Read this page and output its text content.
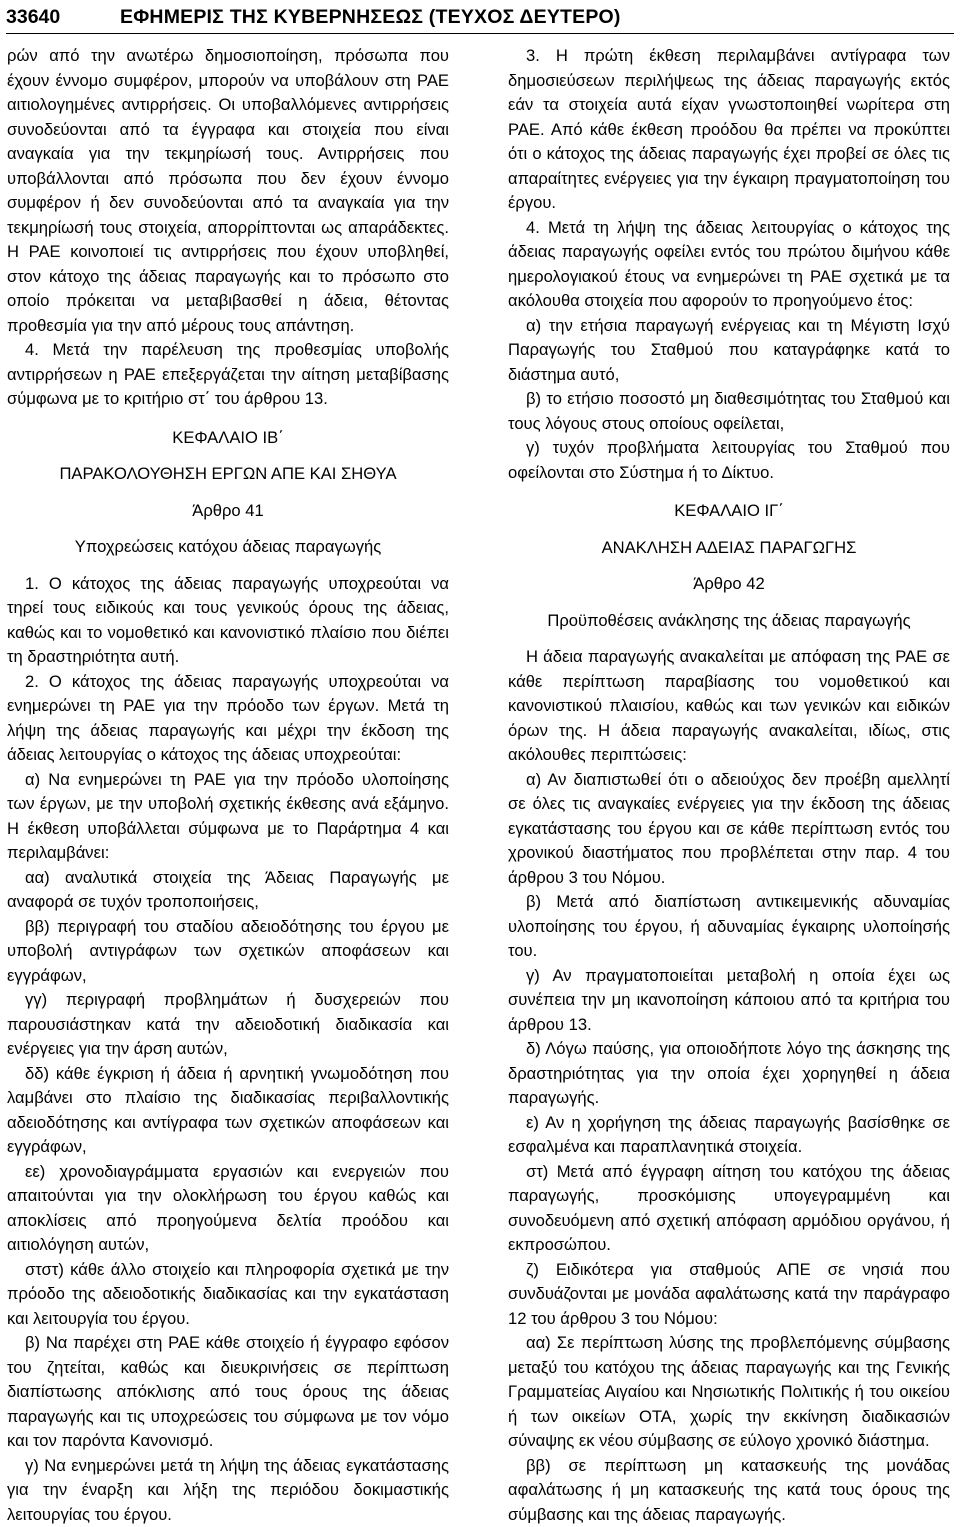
33640	ΕΦΗΜΕΡΙΣ ΤΗΣ ΚΥΒΕΡΝΗΣΕΩΣ (ΤΕΥΧΟΣ ΔΕΥΤΕΡΟ)

ρών από την ανωτέρω δημοσιοποίηση, πρόσωπα που έχουν έννομο συμφέρον, μπορούν να υποβάλουν στη ΡΑΕ αιτιολογημένες αντιρρήσεις. Οι υποβαλλόμενες αντιρρήσεις συνοδεύονται από τα έγγραφα και στοιχεία που είναι αναγκαία για την τεκμηρίωσή τους. Αντιρρήσεις που υποβάλλονται από πρόσωπα που δεν έχουν έννομο συμφέρον ή δεν συνοδεύονται από τα αναγκαία για την τεκμηρίωσή τους στοιχεία, απορρίπτονται ως απαράδεκτες. Η ΡΑΕ κοινοποιεί τις αντιρρήσεις που έχουν υποβληθεί, στον κάτοχο της άδειας παραγωγής και το πρόσωπο στο οποίο πρόκειται να μεταβιβασθεί η άδεια, θέτοντας προθεσμία για την από μέρους τους απάντηση.

4. Μετά την παρέλευση της προθεσμίας υποβολής αντιρρήσεων η ΡΑΕ επεξεργάζεται την αίτηση μεταβίβασης σύμφωνα με το κριτήριο στ΄ του άρθρου 13.

ΚΕΦΑΛΑΙΟ ΙΒ΄

ΠΑΡΑΚΟΛΟΥΘΗΣΗ ΕΡΓΩΝ ΑΠΕ ΚΑΙ ΣΗΘΥΑ

Άρθρο 41

Υποχρεώσεις κατόχου άδειας παραγωγής

1. Ο κάτοχος της άδειας παραγωγής υποχρεούται να τηρεί τους ειδικούς και τους γενικούς όρους της άδειας, καθώς και το νομοθετικό και κανονιστικό πλαίσιο που διέπει τη δραστηριότητα αυτή.

2. Ο κάτοχος της άδειας παραγωγής υποχρεούται να ενημερώνει τη ΡΑΕ για την πρόοδο των έργων. Μετά τη λήψη της άδειας παραγωγής και μέχρι την έκδοση της άδειας λειτουργίας ο κάτοχος της άδειας υποχρεούται:

α) Να ενημερώνει τη ΡΑΕ για την πρόοδο υλοποίησης των έργων, με την υποβολή σχετικής έκθεσης ανά εξάμηνο. Η έκθεση υποβάλλεται σύμφωνα με το Παράρτημα 4 και περιλαμβάνει:

αα) αναλυτικά στοιχεία της Άδειας Παραγωγής με αναφορά σε τυχόν τροποποιήσεις,

ββ) περιγραφή του σταδίου αδειοδότησης του έργου με υποβολή αντιγράφων των σχετικών αποφάσεων και εγγράφων,

γγ) περιγραφή προβλημάτων ή δυσχερειών που παρουσιάστηκαν κατά την αδειοδοτική διαδικασία και ενέργειες για την άρση αυτών,

δδ) κάθε έγκριση ή άδεια ή αρνητική γνωμοδότηση που λαμβάνει στο πλαίσιο της διαδικασίας περιβαλλοντικής αδειοδότησης και αντίγραφα των σχετικών αποφάσεων και εγγράφων,

εε) χρονοδιαγράμματα εργασιών και ενεργειών που απαιτούνται για την ολοκλήρωση του έργου καθώς και αποκλίσεις από προηγούμενα δελτία προόδου και αιτιολόγηση αυτών,

στστ) κάθε άλλο στοιχείο και πληροφορία σχετικά με την πρόοδο της αδειοδοτικής διαδικασίας και την εγκατάσταση και λειτουργία του έργου.

β) Να παρέχει στη ΡΑΕ κάθε στοιχείο ή έγγραφο εφόσον του ζητείται, καθώς και διευκρινήσεις σε περίπτωση διαπίστωσης απόκλισης από τους όρους της άδειας παραγωγής και τις υποχρεώσεις του σύμφωνα με τον νόμο και τον παρόντα Κανονισμό.

γ) Να ενημερώνει μετά τη λήψη της άδειας εγκατάστασης για την έναρξη και λήξη της περιόδου δοκιμαστικής λειτουργίας του έργου.

3. Η πρώτη έκθεση περιλαμβάνει αντίγραφα των δημοσιεύσεων περιλήψεως της άδειας παραγωγής εκτός εάν τα στοιχεία αυτά είχαν γνωστοποιηθεί νωρίτερα στη ΡΑΕ. Από κάθε έκθεση προόδου θα πρέπει να προκύπτει ότι ο κάτοχος της άδειας παραγωγής έχει προβεί σε όλες τις απαραίτητες ενέργειες για την έγκαιρη πραγματοποίηση του έργου.

4. Μετά τη λήψη της άδειας λειτουργίας ο κάτοχος της άδειας παραγωγής οφείλει εντός του πρώτου διμήνου κάθε ημερολογιακού έτους να ενημερώνει τη ΡΑΕ σχετικά με τα ακόλουθα στοιχεία που αφορούν το προηγούμενο έτος:

α) την ετήσια παραγωγή ενέργειας και τη Μέγιστη Ισχύ Παραγωγής του Σταθμού που καταγράφηκε κατά το διάστημα αυτό,

β) το ετήσιο ποσοστό μη διαθεσιμότητας του Σταθμού και τους λόγους στους οποίους οφείλεται,

γ) τυχόν προβλήματα λειτουργίας του Σταθμού που οφείλονται στο Σύστημα ή το Δίκτυο.

ΚΕΦΑΛΑΙΟ ΙΓ΄

ΑΝΑΚΛΗΣΗ ΑΔΕΙΑΣ ΠΑΡΑΓΩΓΗΣ

Άρθρο 42

Προϋποθέσεις ανάκλησης της άδειας παραγωγής

Η άδεια παραγωγής ανακαλείται με απόφαση της ΡΑΕ σε κάθε περίπτωση παραβίασης του νομοθετικού και κανονιστικού πλαισίου, καθώς και των γενικών και ειδικών όρων της. Η άδεια παραγωγής ανακαλείται, ιδίως, στις ακόλουθες περιπτώσεις:

α) Αν διαπιστωθεί ότι ο αδειούχος δεν προέβη αμελλητί σε όλες τις αναγκαίες ενέργειες για την έκδοση της άδειας εγκατάστασης του έργου και σε κάθε περίπτωση εντός του χρονικού διαστήματος που προβλέπεται στην παρ. 4 του άρθρου 3 του Νόμου.

β) Μετά από διαπίστωση αντικειμενικής αδυναμίας υλοποίησης του έργου, ή αδυναμίας έγκαιρης υλοποίησής του.

γ) Αν πραγματοποιείται μεταβολή η οποία έχει ως συνέπεια την μη ικανοποίηση κάποιου από τα κριτήρια του άρθρου 13.

δ) Λόγω παύσης, για οποιοδήποτε λόγο της άσκησης της δραστηριότητας για την οποία έχει χορηγηθεί η άδεια παραγωγής.

ε) Αν η χορήγηση της άδειας παραγωγής βασίσθηκε σε εσφαλμένα και παραπλανητικά στοιχεία.

στ) Μετά από έγγραφη αίτηση του κατόχου της άδειας παραγωγής, προσκόμισης υπογεγραμμένη και συνοδευόμενη από σχετική απόφαση αρμόδιου οργάνου, ή εκπροσώπου.

ζ) Ειδικότερα για σταθμούς ΑΠΕ σε νησιά που συνδυάζονται με μονάδα αφαλάτωσης κατά την παράγραφο 12 του άρθρου 3 του Νόμου:

αα) Σε περίπτωση λύσης της προβλεπόμενης σύμβασης μεταξύ του κατόχου της άδειας παραγωγής και της Γενικής Γραμματείας Αιγαίου και Νησιωτικής Πολιτικής ή του οικείου ή των οικείων ΟΤΑ, χωρίς την εκκίνηση διαδικασιών σύναψης εκ νέου σύμβασης σε εύλογο χρονικό διάστημα.

ββ) σε περίπτωση μη κατασκευής της μονάδας αφαλάτωσης ή μη κατασκευής της κατά τους όρους της σύμβασης και της άδειας παραγωγής.
